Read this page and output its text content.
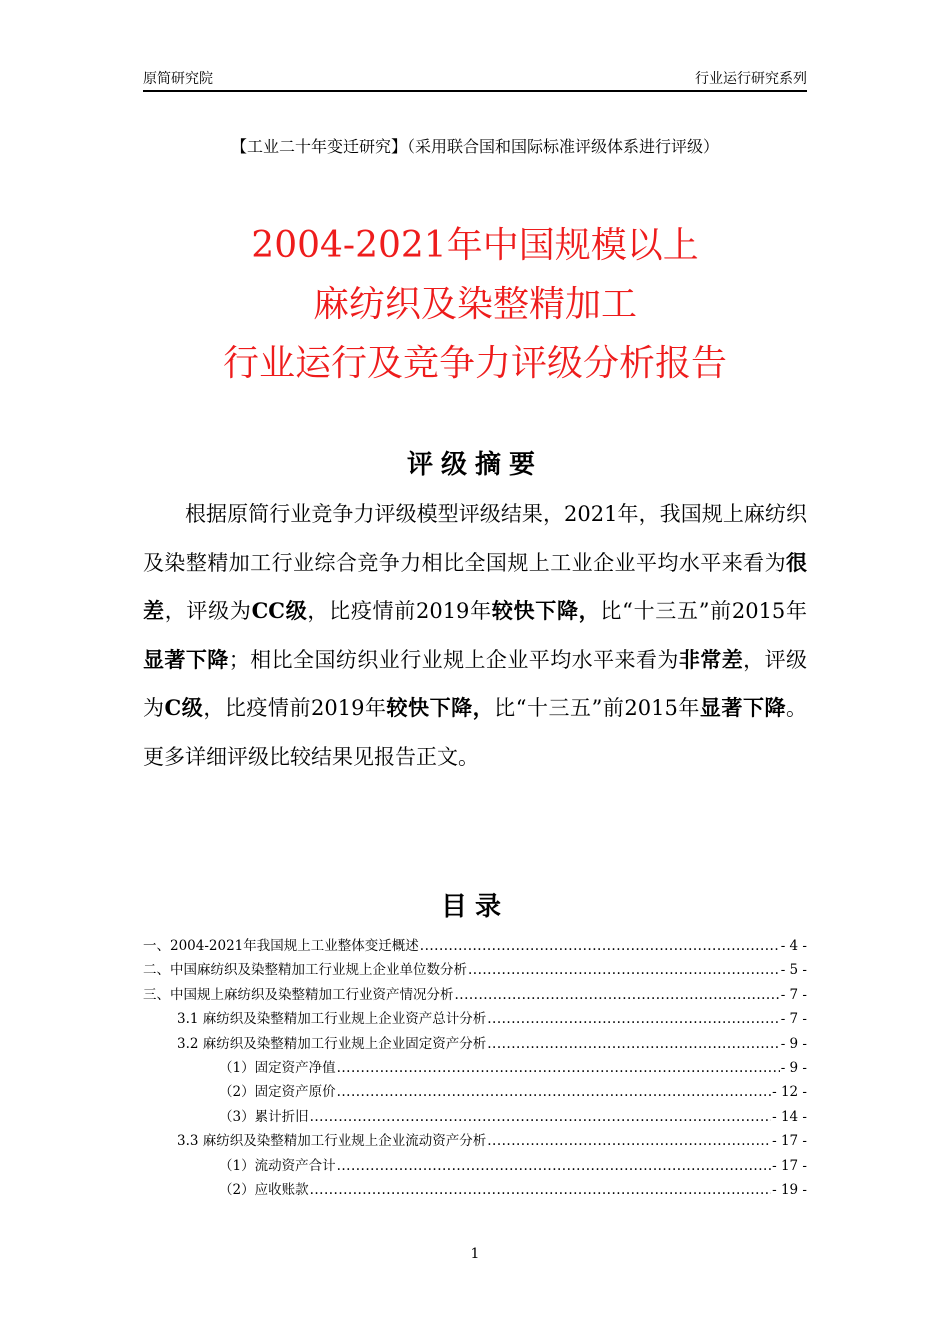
原简研究院	行业运行研究系列
【工业二十年变迁研究】（采用联合国和国际标准评级体系进行评级）
2004-2021年中国规模以上
麻纺织及染整精加工
行业运行及竞争力评级分析报告
评级摘要
根据原简行业竞争力评级模型评级结果，2021年，我国规上麻纺织及染整精加工行业综合竞争力相比全国规上工业企业平均水平来看为很差，评级为CC级，比疫情前2019年较快下降，比“十三五”前2015年显著下降；相比全国纺织业行业规上企业平均水平来看为非常差，评级为C级，比疫情前2019年较快下降，比“十三五”前2015年显著下降。更多详细评级比较结果见报告正文。
目录
一、2004-2021年我国规上工业整体变迁概述 .....	- 4 -
二、中国麻纺织及染整精加工行业规上企业单位数分析 .....	- 5 -
三、中国规上麻纺织及染整精加工行业资产情况分析 .....	- 7 -
3.1 麻纺织及染整精加工行业规上企业资产总计分析 .....	- 7 -
3.2 麻纺织及染整精加工行业规上企业固定资产分析 .....	- 9 -
（1）固定资产净值 .....	- 9 -
（2）固定资产原价 .....	- 12 -
（3）累计折旧 .....	- 14 -
3.3 麻纺织及染整精加工行业规上企业流动资产分析 .....	- 17 -
（1）流动资产合计 .....	- 17 -
（2）应收账款 .....	- 19 -
1
